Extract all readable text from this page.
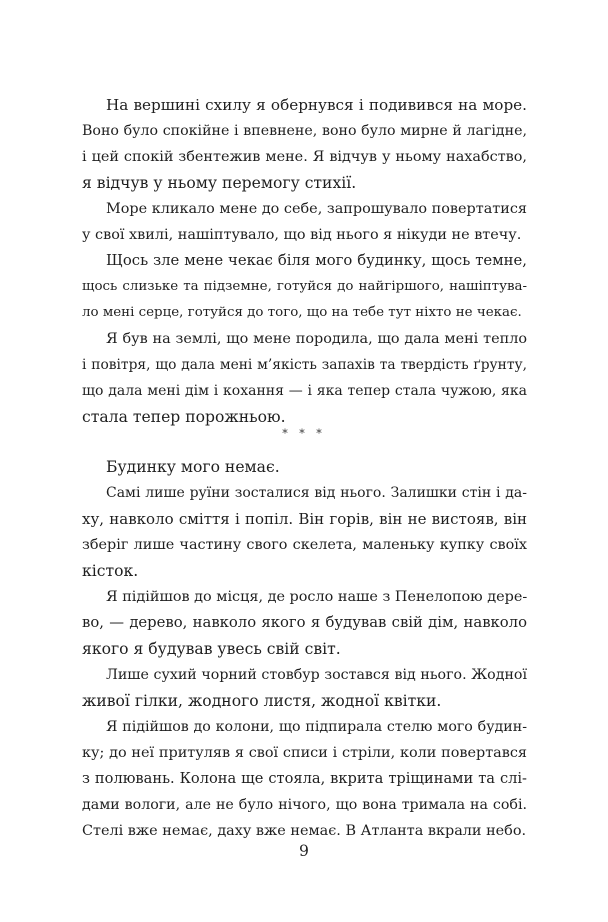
На вершині схилу я обернувся і подивився на море.
Воно було спокійне і впевнене, воно було мирне й лагідне,
і цей спокій збентежив мене. Я відчув у ньому нахабство,
я відчув у ньому перемогу стихії.
Море кликало мене до себе, запрошувало повертатися
у свої хвилі, нашіптувало, що від нього я нікуди не втечу.
Щось зле мене чекає біля мого будинку, щось темне,
щось слизьке та підземне, готуйся до найгіршого, нашіптува-
ло мені серце, готуйся до того, що на тебе тут ніхто не чекає.
Я був на землі, що мене породила, що дала мені тепло
і повітря, що дала мені м’якість запахів та твердість ґрунту,
що дала мені дім і кохання — і яка тепер стала чужою, яка
стала тепер порожньою.
* * *
Будинку мого немає.
Самі лише руїни зосталися від нього. Залишки стін і да-
ху, навколо сміття і попіл. Він горів, він не вистояв, він
зберіг лише частину свого скелета, маленьку купку своїх
кісток.
Я підійшов до місця, де росло наше з Пенелопою дере-
во, — дерево, навколо якого я будував свій дім, навколо
якого я будував увесь свій світ.
Лише сухий чорний стовбур зостався від нього. Жодної
живої гілки, жодного листя, жодної квітки.
Я підійшов до колони, що підпирала стелю мого будин-
ку; до неї притуляв я свої списи і стріли, коли повертався
з полювань. Колона ще стояла, вкрита тріщинами та слі-
дами вологи, але не було нічого, що вона тримала на собі.
Стелі вже немає, даху вже немає. В Атланта вкрали небо.
9
